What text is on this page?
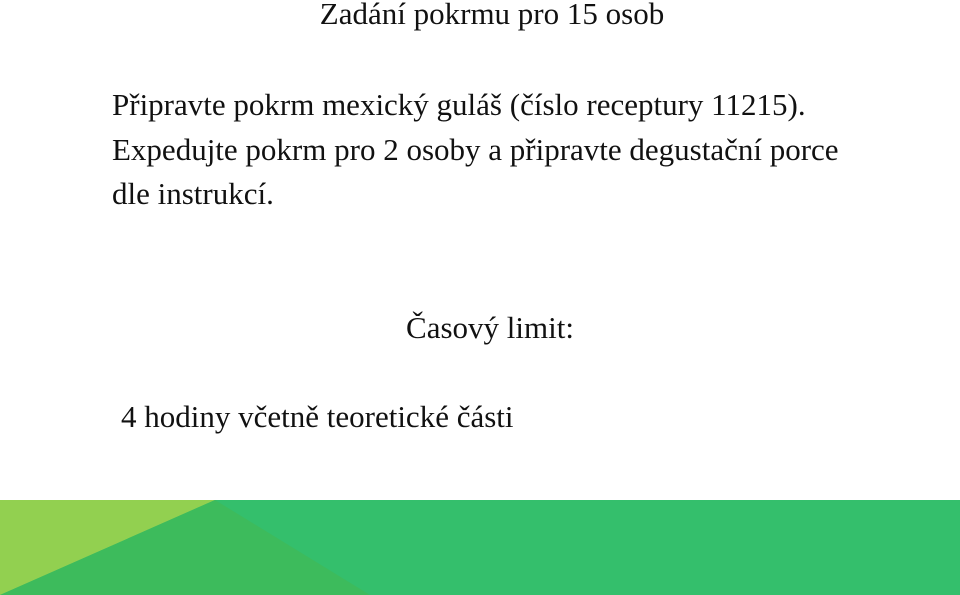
Zadání pokrmu pro 15 osob

Připravte pokrm mexický guláš (číslo receptury 11215).

Expedujte pokrm pro 2 osoby a připravte degustační porce dle instrukcí.

Časový limit:
4 hodiny včetně teoretické části
